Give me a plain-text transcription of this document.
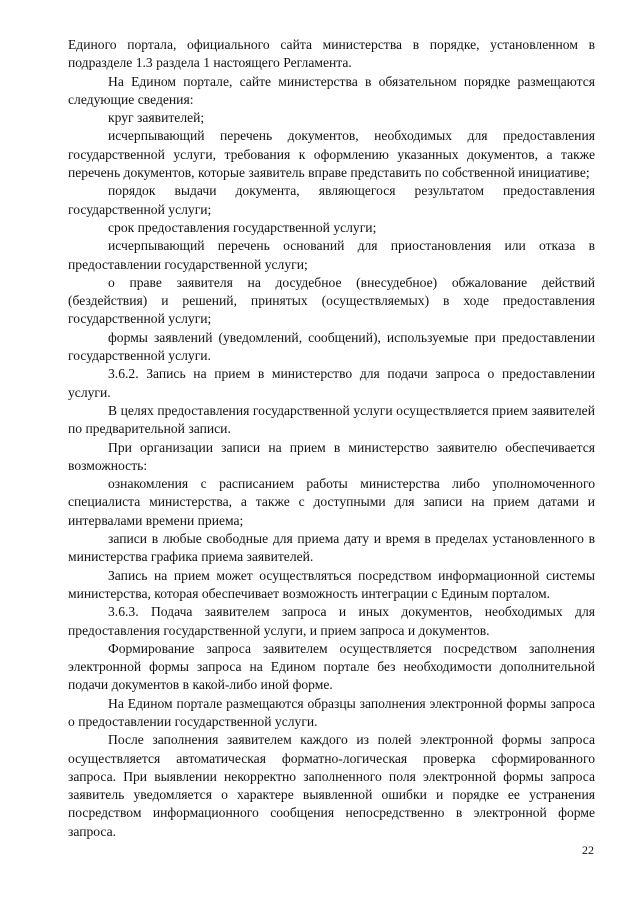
Единого портала, официального сайта министерства в порядке, установленном в подразделе 1.3 раздела 1 настоящего Регламента.

На Едином портале, сайте министерства в обязательном порядке размещаются следующие сведения:

круг заявителей;

исчерпывающий перечень документов, необходимых для предоставления государственной услуги, требования к оформлению указанных документов, а также перечень документов, которые заявитель вправе представить по собственной инициативе;

порядок выдачи документа, являющегося результатом предоставления государственной услуги;

срок предоставления государственной услуги;

исчерпывающий перечень оснований для приостановления или отказа в предоставлении государственной услуги;

о праве заявителя на досудебное (внесудебное) обжалование действий (бездействия) и решений, принятых (осуществляемых) в ходе предоставления государственной услуги;

формы заявлений (уведомлений, сообщений), используемые при предоставлении государственной услуги.

3.6.2. Запись на прием в министерство для подачи запроса о предоставлении услуги.

В целях предоставления государственной услуги осуществляется прием заявителей по предварительной записи.

При организации записи на прием в министерство заявителю обеспечивается возможность:

ознакомления с расписанием работы министерства либо уполномоченного специалиста министерства, а также с доступными для записи на прием датами и интервалами времени приема;

записи в любые свободные для приема дату и время в пределах установленного в министерства графика приема заявителей.

Запись на прием может осуществляться посредством информационной системы министерства, которая обеспечивает возможность интеграции с Единым порталом.

3.6.3. Подача заявителем запроса и иных документов, необходимых для предоставления государственной услуги, и прием запроса и документов.

Формирование запроса заявителем осуществляется посредством заполнения электронной формы запроса на Едином портале без необходимости дополнительной подачи документов в какой-либо иной форме.

На Едином портале размещаются образцы заполнения электронной формы запроса о предоставлении государственной услуги.

После заполнения заявителем каждого из полей электронной формы запроса осуществляется автоматическая форматно-логическая проверка сформированного запроса. При выявлении некорректно заполненного поля электронной формы запроса заявитель уведомляется о характере выявленной ошибки и порядке ее устранения посредством информационного сообщения непосредственно в электронной форме запроса.

22
